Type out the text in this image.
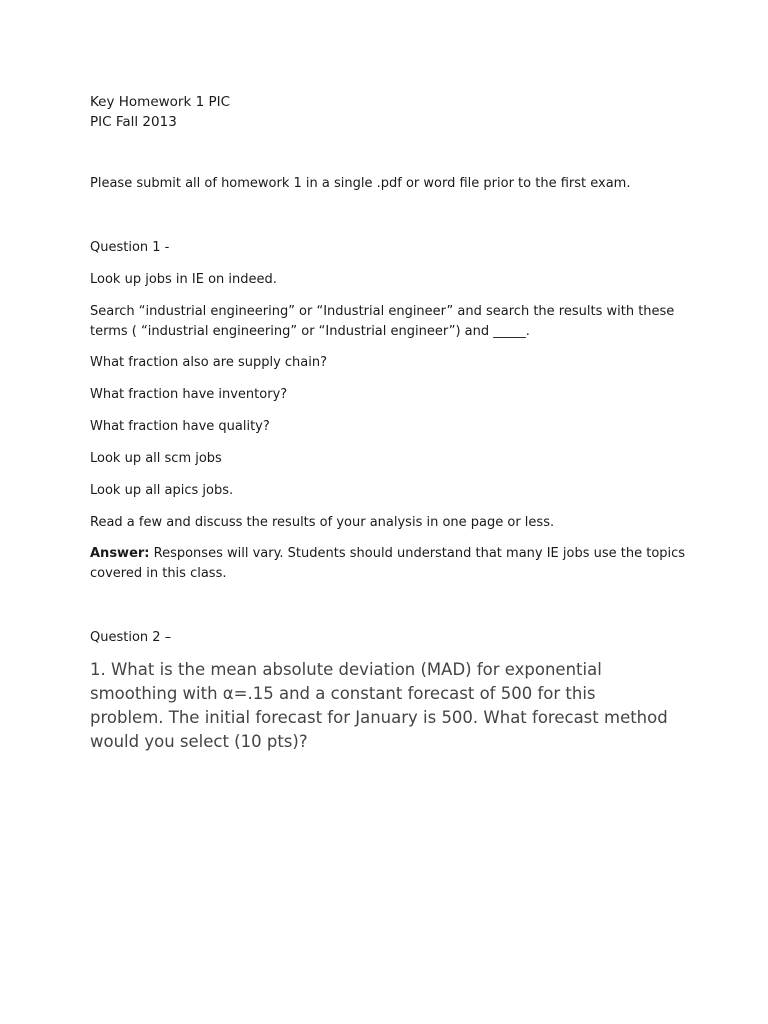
Key Homework 1 PIC
PIC Fall 2013
Please submit all of homework 1 in a single .pdf or word file prior to the first exam.
Question 1 -
Look up jobs in IE on indeed.
Search “industrial engineering” or “Industrial engineer” and search the results with these terms ( “industrial engineering” or “Industrial engineer”) and _____.
What fraction also are supply chain?
What fraction have inventory?
What fraction have quality?
Look up all scm jobs
Look up all apics jobs.
Read a few and discuss the results of your analysis in one page or less.
Answer: Responses will vary. Students should understand that many IE jobs use the topics covered in this class.
Question 2 –
1. What is the mean absolute deviation (MAD) for exponential smoothing with α=.15 and a constant forecast of 500 for this problem. The initial forecast for January is 500. What forecast method would you select (10 pts)?
